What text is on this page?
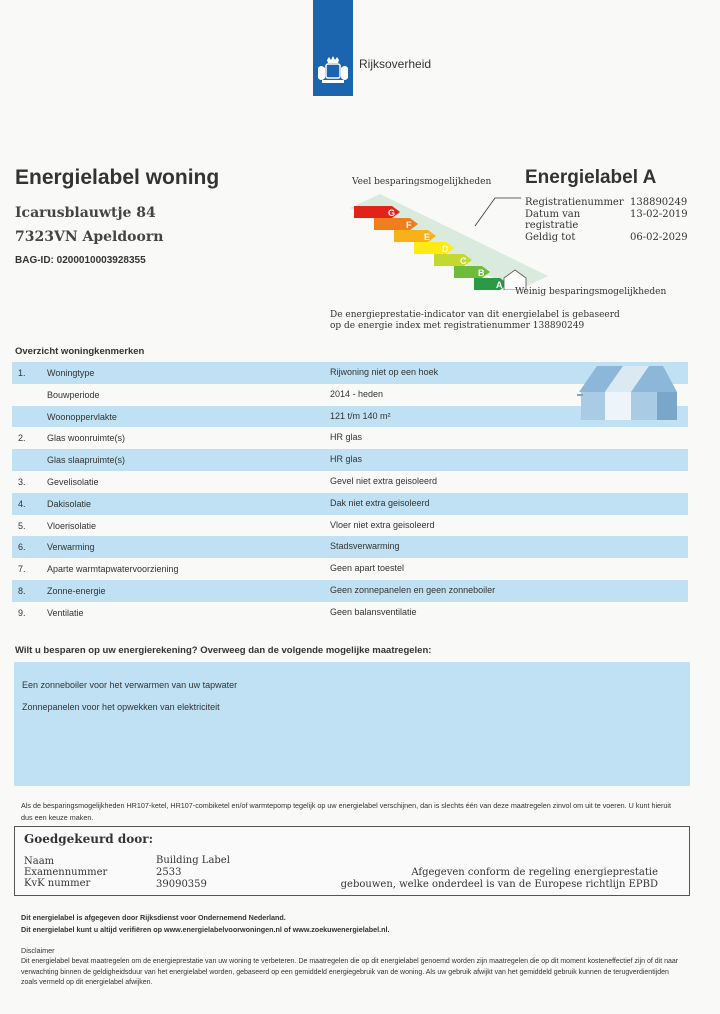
Rijksoverheid
Energielabel woning
Icarusblauwtje 84
7323VN Apeldoorn
BAG-ID: 0200010003928355
Veel besparingsmogelijkheden
G
F
E
D
C
B
A
Weinig besparingsmogelijkheden
Energielabel A
Registratienummer 138890249
Datum van registratie
13-02-2019
Geldig tot	06-02-2029
De energieprestatie-indicator van dit energielabel is gebaseerd
op de energie index met registratienummer 138890249
Overzicht woningkenmerken
1. Woningtype	Rijwoning niet op een hoek
Bouwperiode	2014 - heden
Woonoppervlakte	121 t/m 140 m²
2. Glas woonruimte(s)	HR glas
Glas slaapruimte(s)	HR glas
3. Gevelisolatie	Gevel niet extra geisoleerd
4. Dakisolatie	Dak niet extra geisoleerd
5. Vloerisolatie	Vloer niet extra geisoleerd
6. Verwarming	Stadsverwarming
7. Aparte warmtapwatervoorziening	Geen apart toestel
8. Zonne-energie	Geen zonnepanelen en geen zonneboiler
9. Ventilatie	Geen balansventilatie
Wilt u besparen op uw energierekening? Overweeg dan de volgende mogelijke maatregelen:
Een zonneboiler voor het verwarmen van uw tapwater
Zonnepanelen voor het opwekken van elektriciteit
Als de besparingsmogelijkheden HR107-ketel, HR107-combiketel en/of warmtepomp tegelijk op uw energielabel verschijnen, dan is slechts één van deze maatregelen zinvol om uit te voeren. U kunt hieruit dus een keuze maken.
Goedgekeurd door:
Naam	Building Label
Examennummer	2533
KvK nummer	39090359
Afgegeven conform de regeling energieprestatie
gebouwen, welke onderdeel is van de Europese richtlijn EPBD
Dit energielabel is afgegeven door Rijksdienst voor Ondernemend Nederland.
Dit energielabel kunt u altijd verifiëren op www.energielabelvoorwoningen.nl of www.zoekuwenergielabel.nl.
Disclaimer
Dit energielabel bevat maatregelen om de energieprestatie van uw woning te verbeteren. De maatregelen die op dit energielabel genoemd worden zijn maatregelen die op dit moment kosteneffectief zijn of dit naar verwachting binnen de geldigheidsduur van het energielabel worden, gebaseerd op een gemiddeld energiegebruik van de woning. Als uw gebruik afwijkt van het gemiddeld gebruik kunnen de terugverdientijden zoals vermeld op dit energielabel afwijken.
